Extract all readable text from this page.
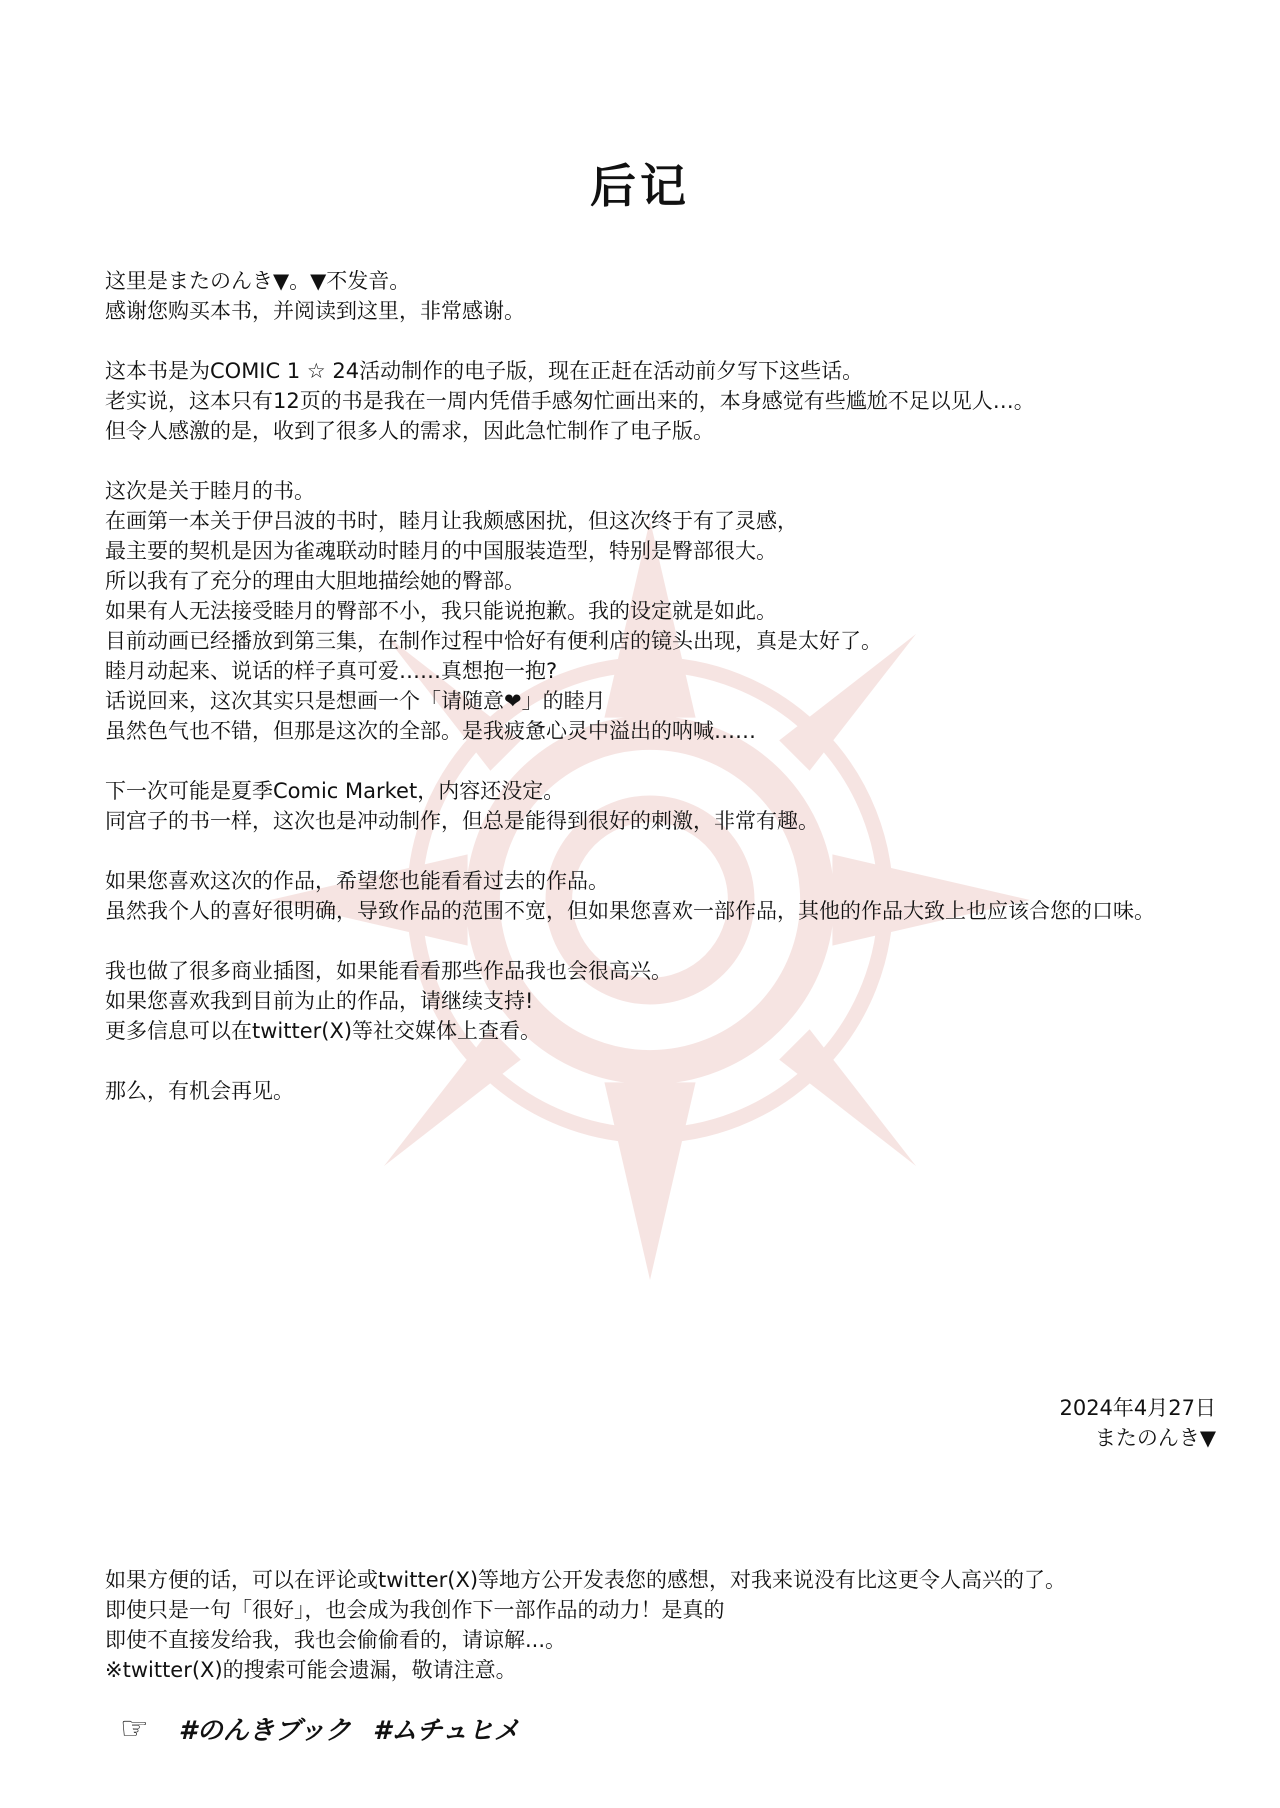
后记

这里是またのんき▼。▼不发音。
感谢您购买本书，并阅读到这里，非常感谢。

这本书是为COMIC 1 ☆ 24活动制作的电子版，现在正赶在活动前夕写下这些话。
老实说，这本只有12页的书是我在一周内凭借手感匆忙画出来的，本身感觉有些尴尬不足以见人…。
但令人感激的是，收到了很多人的需求，因此急忙制作了电子版。

这次是关于睦月的书。
在画第一本关于伊吕波的书时，睦月让我颇感困扰，但这次终于有了灵感，
最主要的契机是因为雀魂联动时睦月的中国服装造型，特别是臀部很大。
所以我有了充分的理由大胆地描绘她的臀部。
如果有人无法接受睦月的臀部不小，我只能说抱歉。我的设定就是如此。
目前动画已经播放到第三集，在制作过程中恰好有便利店的镜头出现，真是太好了。
睦月动起来、说话的样子真可爱……真想抱一抱?
话说回来，这次其实只是想画一个「请随意❤」的睦月
虽然色气也不错，但那是这次的全部。是我疲惫心灵中溢出的呐喊……

下一次可能是夏季Comic Market，内容还没定。
同宫子的书一样，这次也是冲动制作，但总是能得到很好的刺激，非常有趣。

如果您喜欢这次的作品，希望您也能看看过去的作品。
虽然我个人的喜好很明确，导致作品的范围不宽，但如果您喜欢一部作品，其他的作品大致上也应该合您的口味。

我也做了很多商业插图，如果能看看那些作品我也会很高兴。
如果您喜欢我到目前为止的作品，请继续支持!
更多信息可以在twitter(X)等社交媒体上查看。

那么，有机会再见。

2024年4月27日
またのんき▼
如果方便的话，可以在评论或twitter(X)等地方公开发表您的感想，对我来说没有比这更令人高兴的了。
即使只是一句「很好」，也会成为我创作下一部作品的动力！是真的
即使不直接发给我，我也会偷偷看的，请谅解...。
※twitter(X)的搜索可能会遗漏，敬请注意。
☞ #のんきブック #ムチュヒメ
